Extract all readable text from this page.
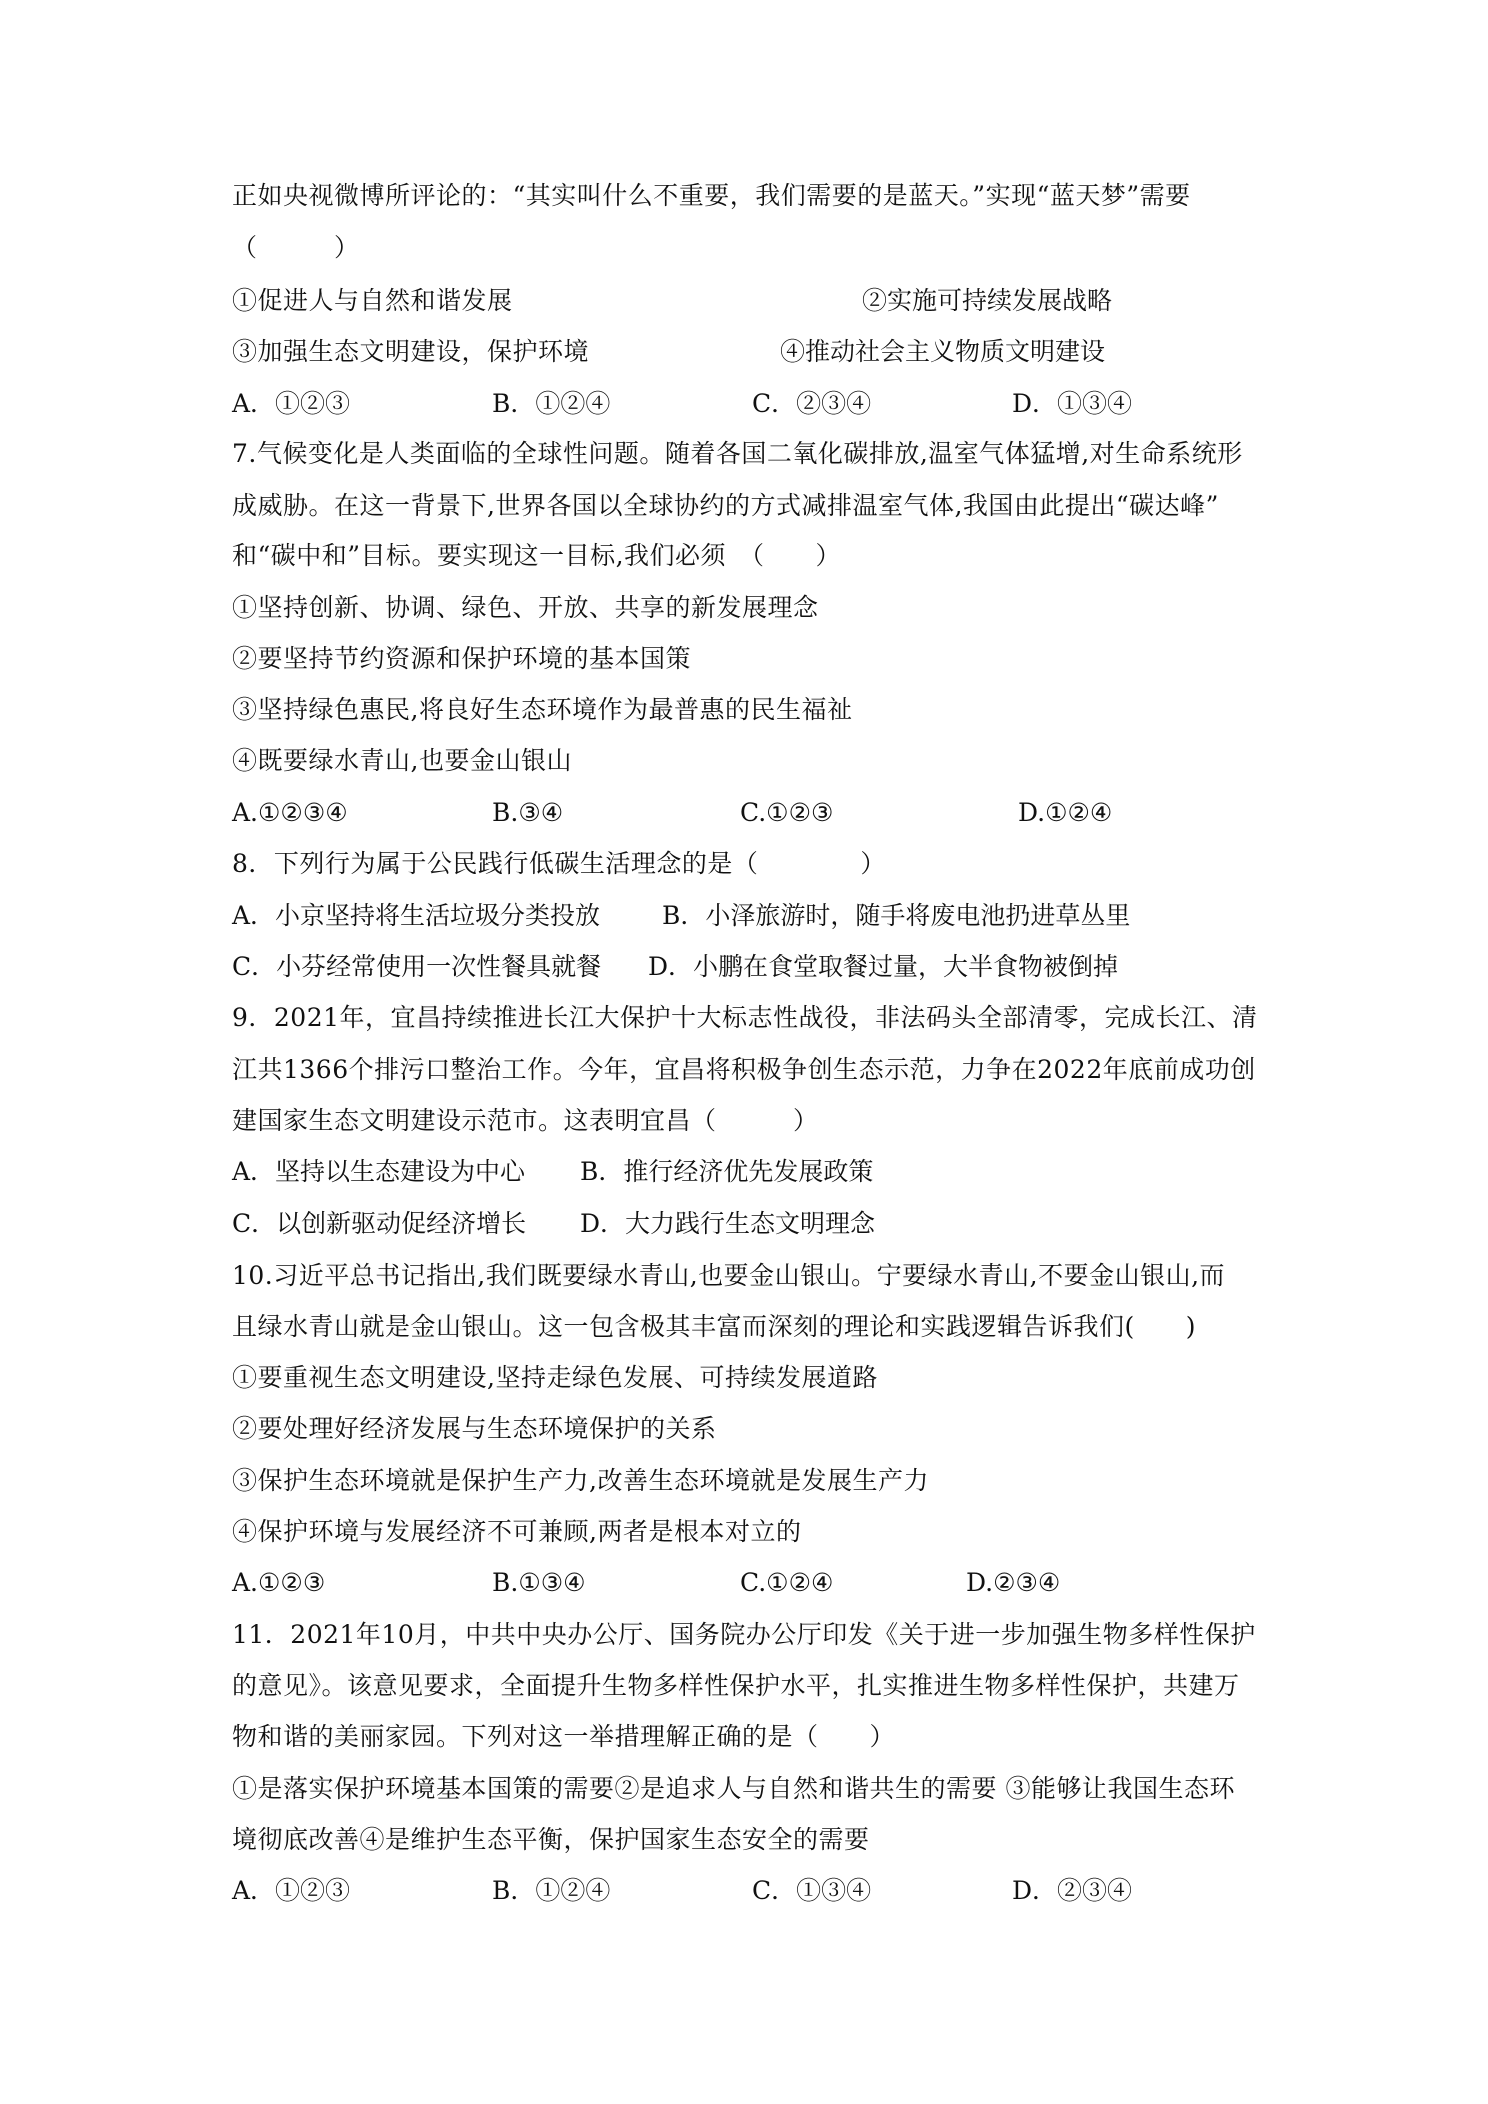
正如央视微博所评论的：“其实叫什么不重要，我们需要的是蓝天。”实现“蓝天梦”需要
（　　　）
①促进人与自然和谐发展	②实施可持续发展战略
③加强生态文明建设，保护环境	④推动社会主义物质文明建设
A．①②③	B．①②④	C．②③④	D．①③④
7.气候变化是人类面临的全球性问题。随着各国二氧化碳排放,温室气体猛增,对生命系统形
成威胁。在这一背景下,世界各国以全球协约的方式减排温室气体,我国由此提出“碳达峰”
和“碳中和”目标。要实现这一目标,我们必须　（　　）
①坚持创新、协调、绿色、开放、共享的新发展理念
②要坚持节约资源和保护环境的基本国策
③坚持绿色惠民,将良好生态环境作为最普惠的民生福祉
④既要绿水青山,也要金山银山
A.①②③④	B.③④	C.①②③	D.①②④
8．下列行为属于公民践行低碳生活理念的是（　　　　）
A．小京坚持将生活垃圾分类投放 B．小泽旅游时，随手将废电池扔进草丛里
C．小芬经常使用一次性餐具就餐 D．小鹏在食堂取餐过量，大半食物被倒掉
9．2021年，宜昌持续推进长江大保护十大标志性战役，非法码头全部清零，完成长江、清
江共1366个排污口整治工作。今年，宜昌将积极争创生态示范，力争在2022年底前成功创
建国家生态文明建设示范市。这表明宜昌（　　　）
A．坚持以生态建设为中心 B．推行经济优先发展政策
C．以创新驱动促经济增长 D．大力践行生态文明理念
10.习近平总书记指出,我们既要绿水青山,也要金山银山。宁要绿水青山,不要金山银山,而
且绿水青山就是金山银山。这一包含极其丰富而深刻的理论和实践逻辑告诉我们(　　)
①要重视生态文明建设,坚持走绿色发展、可持续发展道路
②要处理好经济发展与生态环境保护的关系
③保护生态环境就是保护生产力,改善生态环境就是发展生产力
④保护环境与发展经济不可兼顾,两者是根本对立的
A.①②③	B.①③④	C.①②④	D.②③④
11．2021年10月，中共中央办公厅、国务院办公厅印发《关于进一步加强生物多样性保护
的意见》。该意见要求，全面提升生物多样性保护水平，扎实推进生物多样性保护，共建万
物和谐的美丽家园。下列对这一举措理解正确的是（　　）
①是落实保护环境基本国策的需要②是追求人与自然和谐共生的需要 ③能够让我国生态环
境彻底改善④是维护生态平衡，保护国家生态安全的需要
A．①②③	B．①②④	C．①③④	D．②③④
